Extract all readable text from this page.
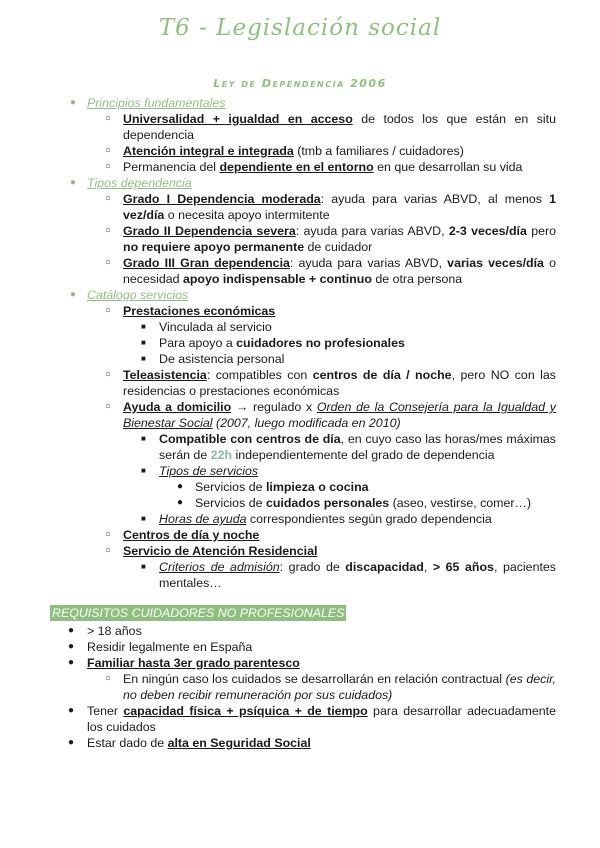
T6 - Legislación social
Ley de Dependencia 2006
● Principios fundamentales
○ Universalidad + igualdad en acceso de todos los que están en situ dependencia
○ Atención integral e integrada (tmb a familiares / cuidadores)
○ Permanencia del dependiente en el entorno en que desarrollan su vida
● Tipos dependencia
○ Grado I Dependencia moderada: ayuda para varias ABVD, al menos 1 vez/día o necesita apoyo intermitente
○ Grado II Dependencia severa: ayuda para varias ABVD, 2-3 veces/día pero no requiere apoyo permanente de cuidador
○ Grado III Gran dependencia: ayuda para varias ABVD, varias veces/día o necesidad apoyo indispensable + continuo de otra persona
● Catálogo servicios
○ Prestaciones económicas
■ Vinculada al servicio
■ Para apoyo a cuidadores no profesionales
■ De asistencia personal
○ Teleasistencia: compatibles con centros de día / noche, pero NO con las residencias o prestaciones económicas
○ Ayuda a domicilio → regulado x Orden de la Consejería para la Igualdad y Bienestar Social (2007, luego modificada en 2010)
■ Compatible con centros de día, en cuyo caso las horas/mes máximas serán de 22h independientemente del grado de dependencia
■ Tipos de servicios
● Servicios de limpieza o cocina
● Servicios de cuidados personales (aseo, vestirse, comer…)
■ Horas de ayuda correspondientes según grado dependencia
○ Centros de día y noche
○ Servicio de Atención Residencial
■ Criterios de admisión: grado de discapacidad, > 65 años, pacientes mentales…
REQUISITOS CUIDADORES NO PROFESIONALES
● > 18 años
● Residir legalmente en España
● Familiar hasta 3er grado parentesco
○ En ningún caso los cuidados se desarrollarán en relación contractual (es decir, no deben recibir remuneración por sus cuidados)
● Tener capacidad física + psíquica + de tiempo para desarrollar adecuadamente los cuidados
● Estar dado de alta en Seguridad Social
